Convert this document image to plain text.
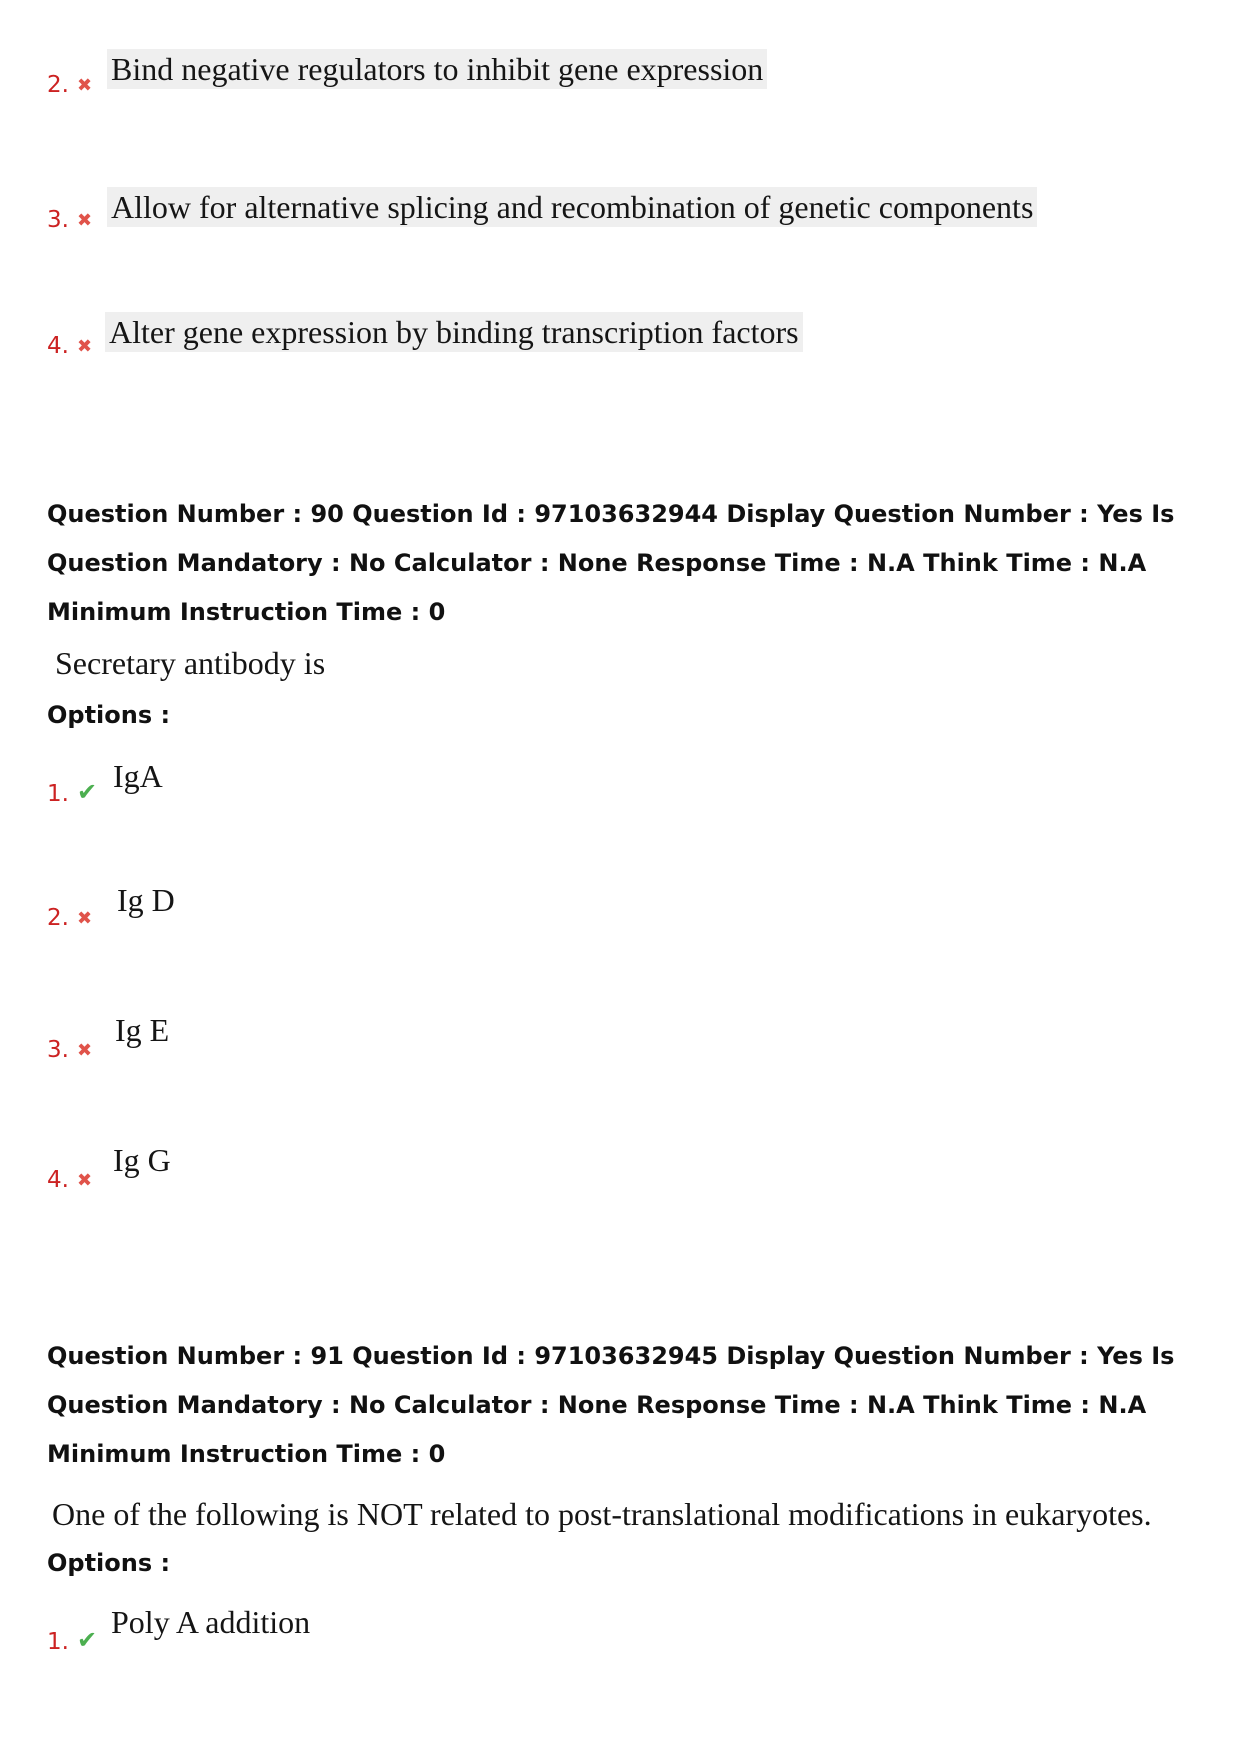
2. ✖ Bind negative regulators to inhibit gene expression
3. ✖ Allow for alternative splicing and recombination of genetic components
4. ✖ Alter gene expression by binding transcription factors
Question Number : 90 Question Id : 97103632944 Display Question Number : Yes Is Question Mandatory : No Calculator : None Response Time : N.A Think Time : N.A Minimum Instruction Time : 0
Secretary antibody is
Options :
1. ✔ IgA
2. ✖
Ig D
3. ✖
Ig E
4. ✖
Ig G
Question Number : 91 Question Id : 97103632945 Display Question Number : Yes Is Question Mandatory : No Calculator : None Response Time : N.A Think Time : N.A Minimum Instruction Time : 0
One of the following is NOT related to post-translational modifications in eukaryotes.
Options :
1. ✔ Poly A addition
